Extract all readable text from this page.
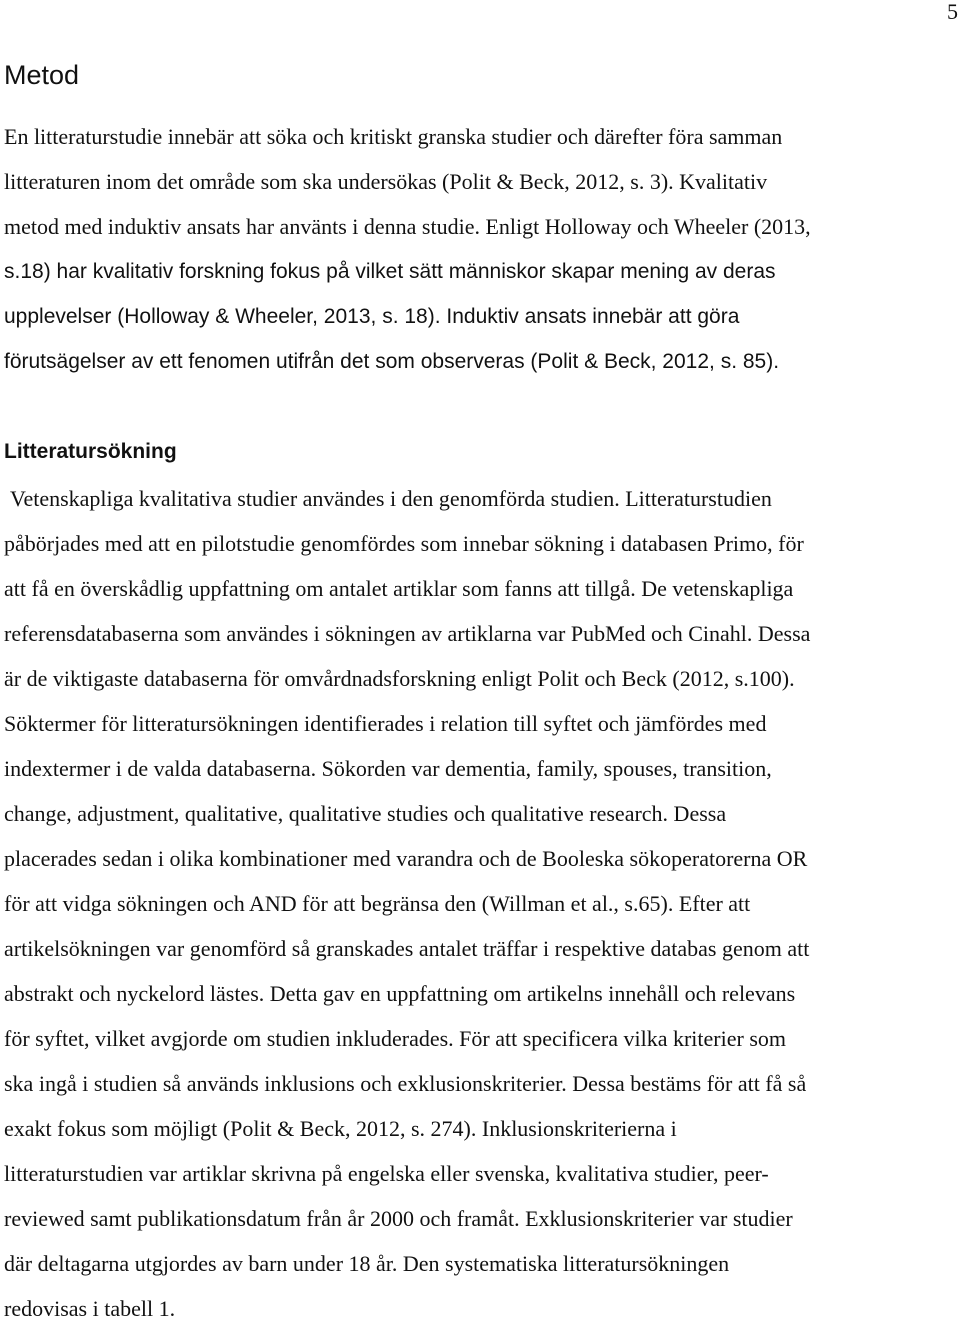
5
Metod
En litteraturstudie innebär att söka och kritiskt granska studier och därefter föra samman
litteraturen inom det område som ska undersökas (Polit & Beck, 2012, s. 3). Kvalitativ
metod med induktiv ansats har använts i denna studie. Enligt Holloway och Wheeler (2013,
s.18) har kvalitativ forskning fokus på vilket sätt människor skapar mening av deras
upplevelser (Holloway & Wheeler, 2013, s. 18). Induktiv ansats innebär att göra
förutsägelser av ett fenomen utifrån det som observeras (Polit & Beck, 2012, s. 85).
Litteratursökning
Vetenskapliga kvalitativa studier användes i den genomförda studien. Litteraturstudien
påbörjades med att en pilotstudie genomfördes som innebar sökning i databasen Primo, för
att få en överskådlig uppfattning om antalet artiklar som fanns att tillgå. De vetenskapliga
referensdatabaserna som användes i sökningen av artiklarna var PubMed och Cinahl. Dessa
är de viktigaste databaserna för omvårdnadsforskning enligt Polit och Beck (2012, s.100).
Söktermer för litteratursökningen identifierades i relation till syftet och jämfördes med
indextermer i de valda databaserna. Sökorden var dementia, family, spouses, transition,
change, adjustment, qualitative, qualitative studies och qualitative research. Dessa
placerades sedan i olika kombinationer med varandra och de Booleska sökoperatorerna OR
för att vidga sökningen och AND för att begränsa den (Willman et al., s.65). Efter att
artikelsökningen var genomförd så granskades antalet träffar i respektive databas genom att
abstrakt och nyckelord lästes. Detta gav en uppfattning om artikelns innehåll och relevans
för syftet, vilket avgjorde om studien inkluderades. För att specificera vilka kriterier som
ska ingå i studien så används inklusions och exklusionskriterier. Dessa bestäms för att få så
exakt fokus som möjligt (Polit & Beck, 2012, s. 274). Inklusionskriterierna i
litteraturstudien var artiklar skrivna på engelska eller svenska, kvalitativa studier, peer-
reviewed samt publikationsdatum från år 2000 och framåt. Exklusionskriterier var studier
där deltagarna utgjordes av barn under 18 år. Den systematiska litteratursökningen
redovisas i tabell 1.
